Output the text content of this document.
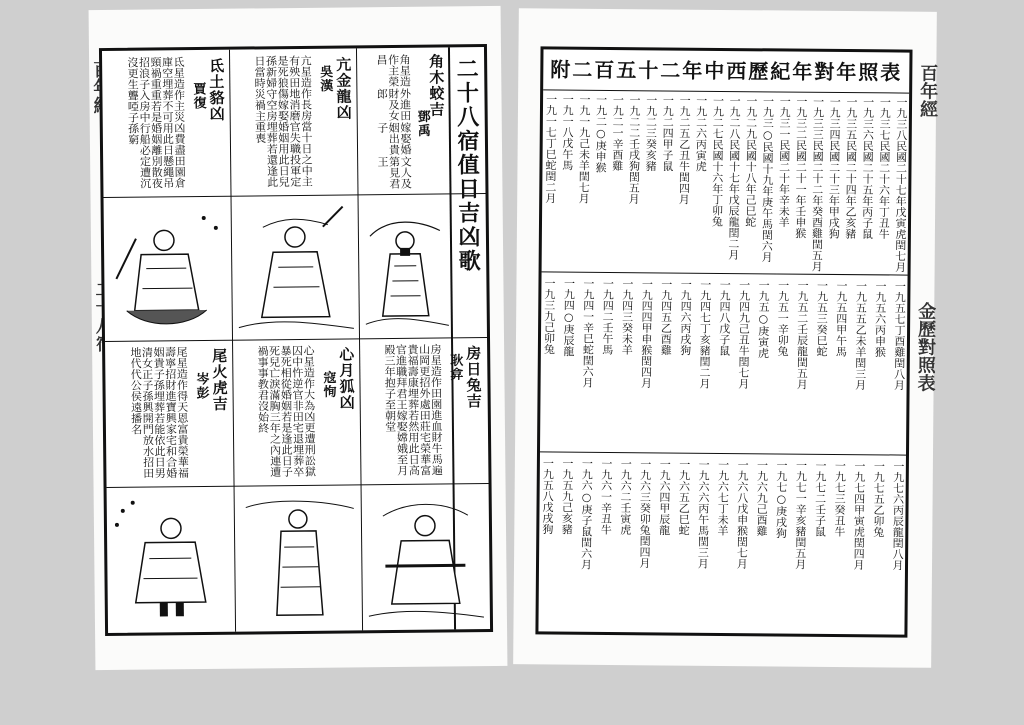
二十八宿值日吉凶歌
角木蛟吉
鄧禹
角星造作主榮昌
外進田財及女郎
嫁娶婚姻出貴子
文人及第見君王
亢金龍凶
吳漢
亢星造作長房當十日之中主有殃田地消磨官失職投軍定是死狼傷嫁娶婚姻用此日兒孫新婦守空房埋葬若還逢此日當時災禍主重喪
氐土貉凶
賈復
氐星造作主災凶費盡田園倉庫空埋葬不可用此日懸繩吊頸禍重重若是婚姻離別散夜招浪子入房中行船必定遭沉沒更生聾啞子孫窮
房日兔吉
耿弇
房星造作田園進血財牛馬遍山岡更招外處田莊宅榮華富貴福壽康埋葬若然用此日高官進職拜君王嫁娶嫦娥至月殿三年抱子至朝堂
心月狐凶
寇恂
心星造作大為凶更遭刑訟獄囚中忤逆官非田宅退埋葬卒暴死相從婚姻若是逢此日子死兒亡淚滿胸三年之內連遭禍事事教君沒始終
尾火虎吉
岑彭
尾星造作得天恩富貴榮華福壽寧招財進寶興家宅和合婚姻貴子孫埋葬若能依此日男清女正子孫興開門放水招田地代代公侯遠播名
百年經
金歷對照表
附二百五十二年中西歷紀年對年照表
一九三八民國二十七年戊寅虎閏七月
一九三七民國二十六年丁丑牛
一九三六民國二十五年丙子鼠
一九三五民國二十四年乙亥豬
一九三四民國二十三年甲戌狗
一九三三民國二十二年癸酉雞閏五月
一九三二民國二十一年壬申猴
一九三一民國二十年辛未羊
一九三○民國十九年庚午馬閏六月
一九二九民國十八年己巳蛇
一九二八民國十七年戊辰龍閏二月
一九二七民國十六年丁卯兔
一九二六丙寅虎
一九二五乙丑牛閏四月
一九二四甲子鼠
一九二三癸亥豬
一九二二壬戌狗閏五月
一九二一辛酉雞
一九二○庚申猴
一九一九己未羊閏七月
一九一八戊午馬
一九一七丁巳蛇閏二月
一九五七丁酉雞閏八月
一九五六丙申猴
一九五五乙未羊閏三月
一九五四甲午馬
一九五三癸巳蛇
一九五二壬辰龍閏五月
一九五一辛卯兔
一九五○庚寅虎
一九四九己丑牛閏七月
一九四八戊子鼠
一九四七丁亥豬閏二月
一九四六丙戌狗
一九四五乙酉雞
一九四四甲申猴閏四月
一九四三癸未羊
一九四二壬午馬
一九四一辛巳蛇閏六月
一九四○庚辰龍
一九三九己卯兔
一九七六丙辰龍閏八月
一九七五乙卯兔
一九七四甲寅虎閏四月
一九七三癸丑牛
一九七二壬子鼠
一九七一辛亥豬閏五月
一九七○庚戌狗
一九六九己酉雞
一九六八戊申猴閏七月
一九六七丁未羊
一九六六丙午馬閏三月
一九六五乙巳蛇
一九六四甲辰龍
一九六三癸卯兔閏四月
一九六二壬寅虎
一九六一辛丑牛
一九六○庚子鼠閏六月
一九五九己亥豬
一九五八戊戌狗
